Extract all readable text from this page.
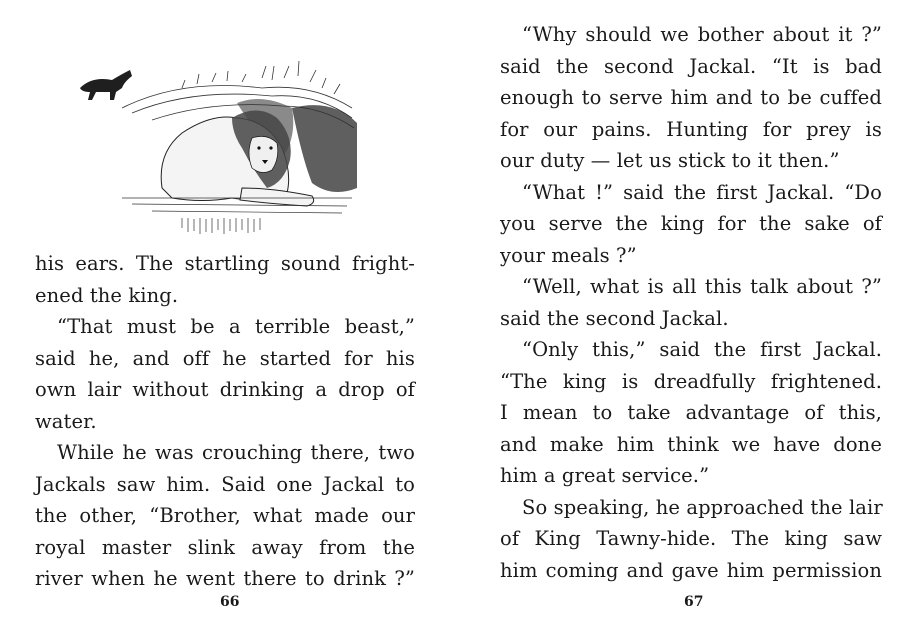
his ears. The startling sound fright-
ened the king.
“That must be a terrible beast,”
said he, and off he started for his
own lair without drinking a drop of
water.
While he was crouching there, two
Jackals saw him. Said one Jackal to
the other, “Brother, what made our
royal master slink away from the
river when he went there to drink ?”
66
“Why should we bother about it ?”
said the second Jackal. “It is bad
enough to serve him and to be cuffed
for our pains. Hunting for prey is
our duty — let us stick to it then.”
“What !” said the first Jackal. “Do
you serve the king for the sake of
your meals ?”
“Well, what is all this talk about ?”
said the second Jackal.
“Only this,” said the first Jackal.
“The king is dreadfully frightened.
I mean to take advantage of this,
and make him think we have done
him a great service.”
So speaking, he approached the lair
of King Tawny-hide. The king saw
him coming and gave him permission
67
